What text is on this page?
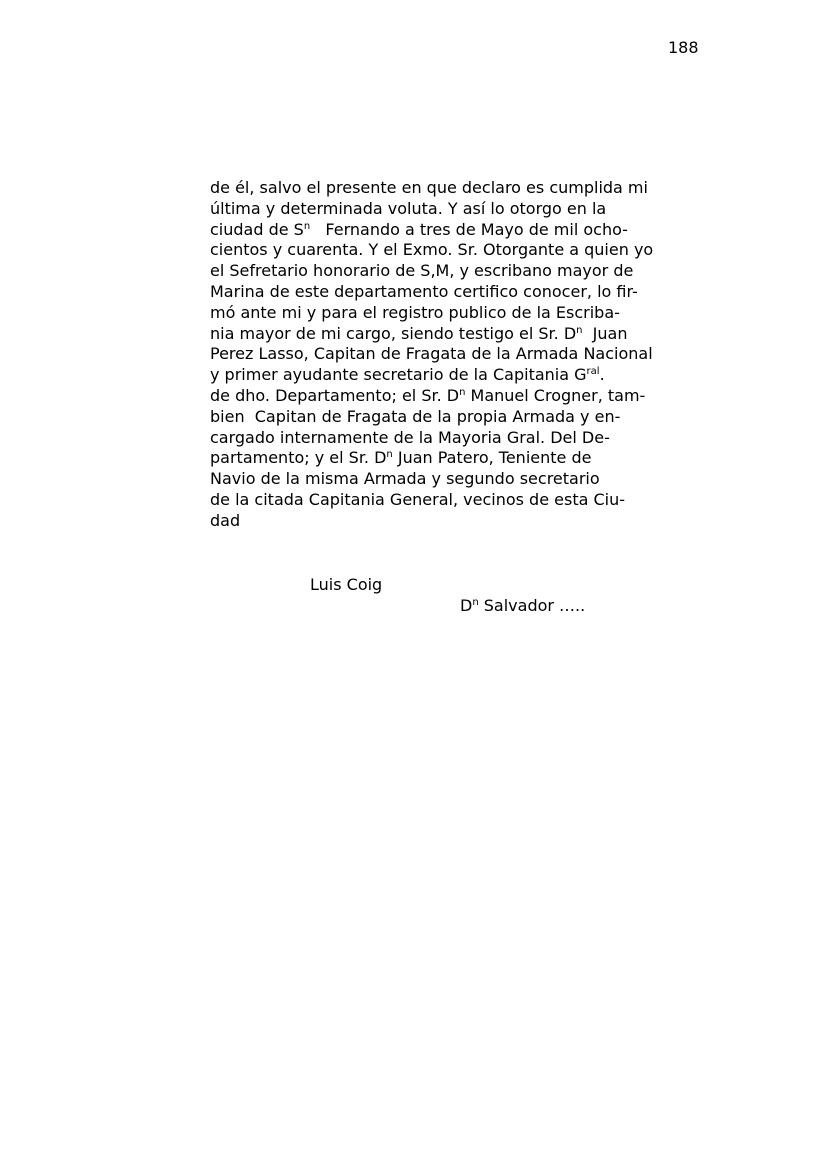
188
de él, salvo el presente en que declaro es cumplida mi
última y determinada voluta. Y así lo otorgo en la
ciudad de $S^n$   Fernando a tres de Mayo de mil ocho-
cientos y cuarenta. Y el Exmo. Sr. Otorgante a quien yo
el Sefretario honorario de S,M, y escribano mayor de
Marina de este departamento certifico conocer, lo fir-
mó ante mi y para el registro publico de la Escriba-
nia mayor de mi cargo, siendo testigo el Sr. $D^n$  Juan
Perez Lasso, Capitan de Fragata de la Armada Nacional
y primer ayudante secretario de la Capitania $G^{ral}$.
de dho. Departamento; el Sr. $D^n$ Manuel Crogner, tam-
bien  Capitan de Fragata de la propia Armada y en-
cargado internamente de la Mayoria Gral. Del De-
partamento; y el Sr. $D^n$ Juan Patero, Teniente de
Navio de la misma Armada y segundo secretario
de la citada Capitania General, vecinos de esta Ciu-
dad
Luis Coig
$D^n$ Salvador …..
